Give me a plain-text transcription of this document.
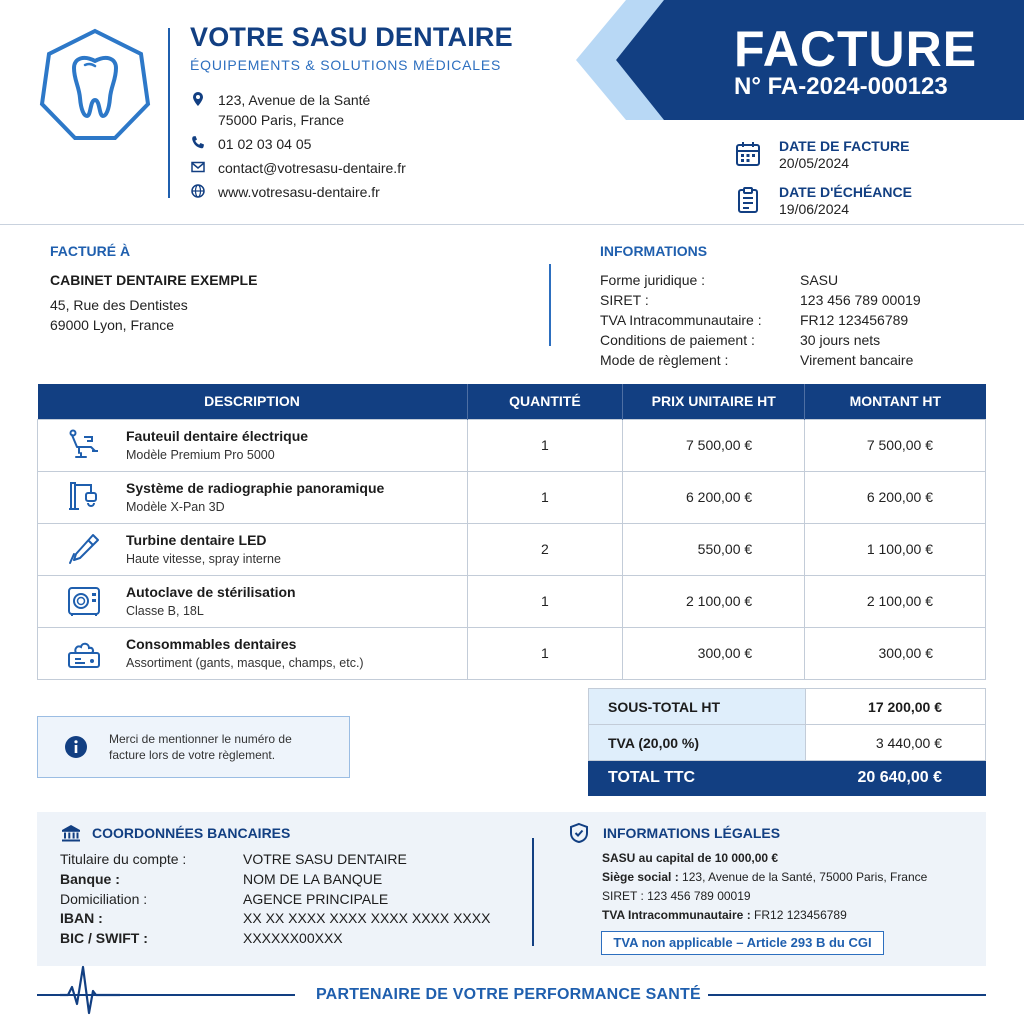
VOTRE SASU DENTAIRE
ÉQUIPEMENTS & SOLUTIONS MÉDICALES
123, Avenue de la Santé
75000 Paris, France
01 02 03 04 05
contact@votresasu-dentaire.fr
www.votresasu-dentaire.fr
FACTURE
N° FA-2024-000123
DATE DE FACTURE
20/05/2024
DATE D'ÉCHÉANCE
19/06/2024
FACTURÉ À
CABINET DENTAIRE EXEMPLE
45, Rue des Dentistes
69000 Lyon, France
INFORMATIONS
Forme juridique :	SASU
SIRET :	123 456 789 00019
TVA Intracommunautaire :	FR12 123456789
Conditions de paiement :	30 jours nets
Mode de règlement :	Virement bancaire
DESCRIPTION	QUANTITÉ	PRIX UNITAIRE HT	MONTANT HT

Fauteuil dentaire électrique
Modèle Premium Pro 5000	1	7 500,00 €	7 500,00 €

Système de radiographie panoramique
Modèle X-Pan 3D	1	6 200,00 €	6 200,00 €

Turbine dentaire LED
Haute vitesse, spray interne	2	550,00 €	1 100,00 €

Autoclave de stérilisation
Classe B, 18L	1	2 100,00 €	2 100,00 €

Consommables dentaires
Assortiment (gants, masque, champs, etc.)	1	300,00 €	300,00 €
Merci de mentionner le numéro de facture lors de votre règlement.
SOUS-TOTAL HT	17 200,00 €
TVA (20,00 %)	3 440,00 €
TOTAL TTC	20 640,00 €
COORDONNÉES BANCAIRES
Titulaire du compte :	VOTRE SASU DENTAIRE
Banque :	NOM DE LA BANQUE
Domiciliation :	AGENCE PRINCIPALE
IBAN :	XX XX XXXX XXXX XXXX XXXX XXXX
BIC / SWIFT :	XXXXXX00XXX
INFORMATIONS LÉGALES
SASU au capital de 10 000,00 €
Siège social : 123, Avenue de la Santé, 75000 Paris, France
SIRET : 123 456 789 00019
TVA Intracommunautaire : FR12 123456789
TVA non applicable – Article 293 B du CGI
PARTENAIRE DE VOTRE PERFORMANCE SANTÉ
